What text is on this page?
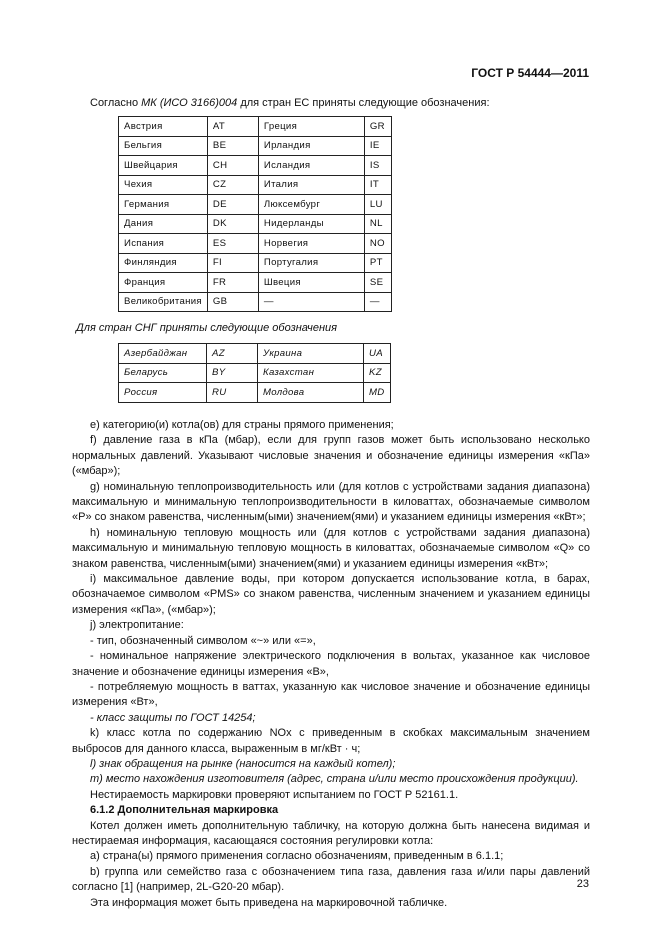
ГОСТ Р 54444—2011
Согласно МК (ИСО 3166)004 для стран ЕС приняты следующие обозначения:
Австрия	AT	Греция	GR
Бельгия	BE	Ирландия	IE
Швейцария	CH	Исландия	IS
Чехия	CZ	Италия	IT
Германия	DE	Люксембург	LU
Дания	DK	Нидерланды	NL
Испания	ES	Норвегия	NO
Финляндия	FI	Португалия	PT
Франция	FR	Швеция	SE
Великобритания	GB	—	—
Для стран СНГ приняты следующие обозначения
Азербайджан	AZ	Украина	UA
Беларусь	BY	Казахстан	KZ
Россия	RU	Молдова	MD

e) категорию(и) котла(ов) для страны прямого применения;

f) давление газа в кПа (мбар), если для групп газов может быть использовано несколько нормальных давлений. Указывают числовые значения и обозначение единицы измерения «кПа» («мбар»);

g) номинальную теплопроизводительность или (для котлов с устройствами задания диапазона) максимальную и минимальную теплопроизводительности в киловаттах, обозначаемые символом «P» со знаком равенства, численным(ыми) значением(ями) и указанием единицы измерения «кВт»;

h) номинальную тепловую мощность или (для котлов с устройствами задания диапазона) максимальную и минимальную тепловую мощность в киловаттах, обозначаемые символом «Q» со знаком равенства, численным(ыми) значением(ями) и указанием единицы измерения «кВт»;

i) максимальное давление воды, при котором допускается использование котла, в барах, обозначаемое символом «PMS» со знаком равенства, численным значением и указанием единицы измерения «кПа», («мбар»);

j) электропитание:

- тип, обозначенный символом «~» или «=»,

- номинальное напряжение электрического подключения в вольтах, указанное как числовое значение и обозначение единицы измерения «В»,

- потребляемую мощность в ваттах, указанную как числовое значение и обозначение единицы измерения «Вт»,

- класс защиты по ГОСТ 14254;

k) класс котла по содержанию NOx с приведенным в скобках максимальным значением выбросов для данного класса, выраженным в мг/кВт · ч;

l) знак обращения на рынке (наносится на каждый котел);

m) место нахождения изготовителя (адрес, страна и/или место происхождения продукции).

Нестираемость маркировки проверяют испытанием по ГОСТ Р 52161.1.

6.1.2 Дополнительная маркировка

Котел должен иметь дополнительную табличку, на которую должна быть нанесена видимая и нестираемая информация, касающаяся состояния регулировки котла:

a) страна(ы) прямого применения согласно обозначениям, приведенным в 6.1.1;

b) группа или семейство газа с обозначением типа газа, давления газа и/или пары давлений согласно [1] (например, 2L-G20-20 мбар).

Эта информация может быть приведена на маркировочной табличке.

23
